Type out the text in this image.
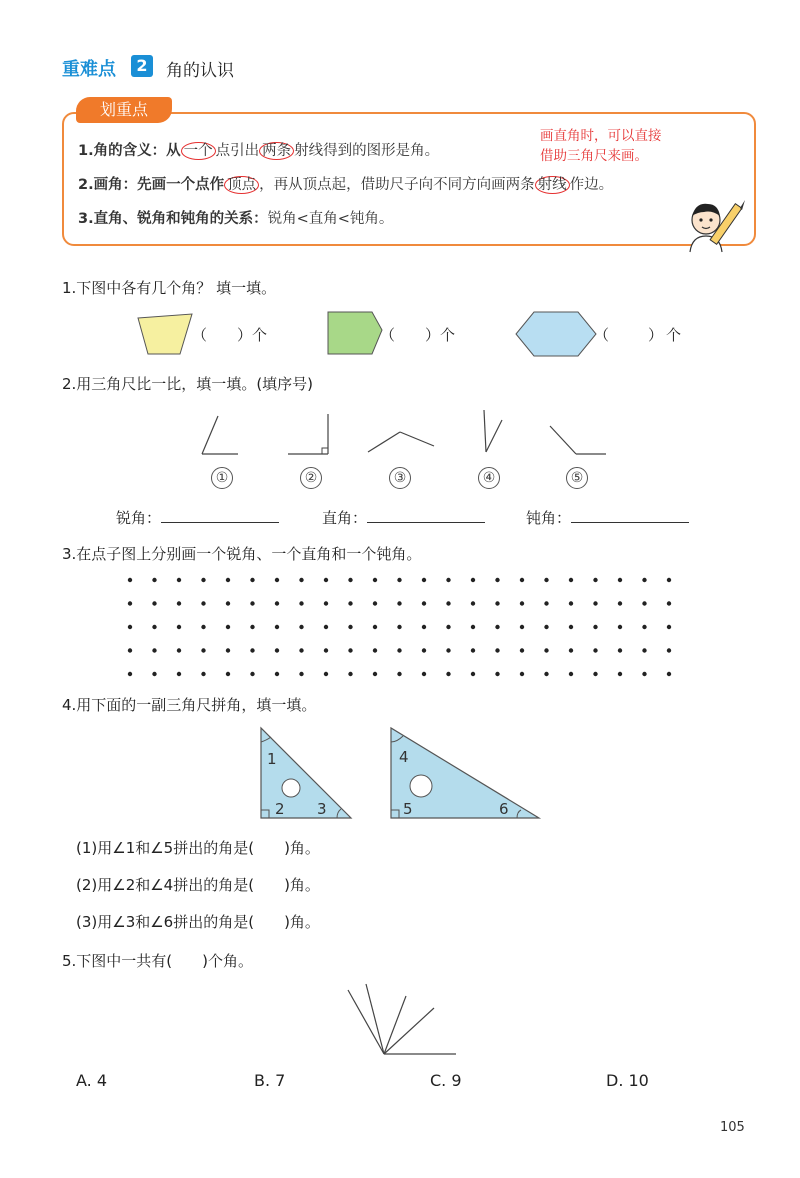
重难点	2	角的认识
划重点
1.角的含义：从 一个 点引出 两条 射线得到的图形是角。
2.画角：先画一个点作 顶点 ，再从顶点起，借助尺子向不同方向画两条 射线 作边。
3.直角、锐角和钝角的关系：锐角<直角<钝角。
画直角时，可以直接
借助三角尺来画。
1.下图中各有几个角？ 填一填。
（　　）个	（　　）个	（　　）个
2.用三角尺比一比，填一填。(填序号)
①	②	③	④	⑤
锐角：	直角：	钝角：
3.在点子图上分别画一个锐角、一个直角和一个钝角。
4.用下面的一副三角尺拼角，填一填。
1
2 3
4
5	6
(1)用∠1和∠5拼出的角是(　　)角。
(2)用∠2和∠4拼出的角是(　　)角。
(3)用∠3和∠6拼出的角是(　　)角。
5.下图中一共有(　　)个角。
A. 4	B. 7	C. 9	D. 10
105
